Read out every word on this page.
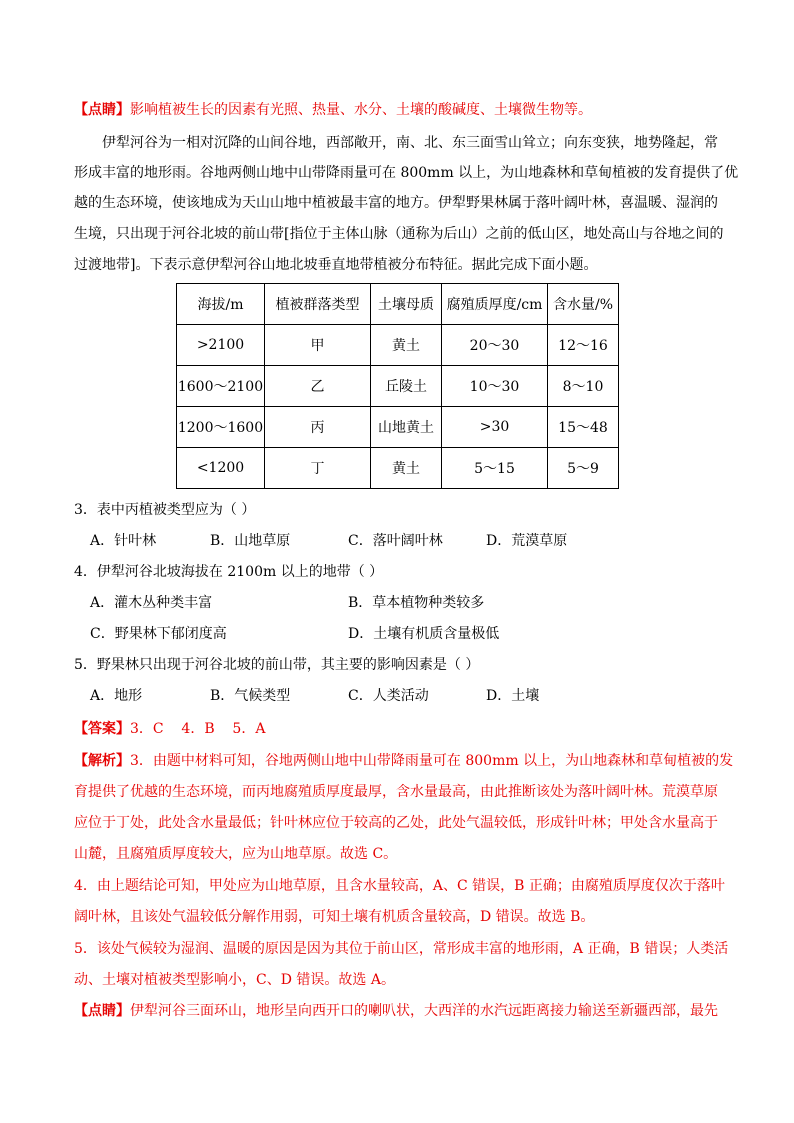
【点睛】影响植被生长的因素有光照、热量、水分、土壤的酸碱度、土壤微生物等。
伊犁河谷为一相对沉降的山间谷地，西部敞开，南、北、东三面雪山耸立；向东变狭，地势隆起，常
形成丰富的地形雨。谷地两侧山地中山带降雨量可在 800mm 以上，为山地森林和草甸植被的发育提供了优
越的生态环境，使该地成为天山山地中植被最丰富的地方。伊犁野果林属于落叶阔叶林，喜温暖、湿润的
生境，只出现于河谷北坡的前山带[指位于主体山脉（通称为后山）之前的低山区，地处高山与谷地之间的
过渡地带]。下表示意伊犁河谷山地北坡垂直地带植被分布特征。据此完成下面小题。
海拔/m	植被群落类型	土壤母质	腐殖质厚度/cm	含水量/%
>2100	甲	黄土	20～30	12～16
1600～2100	乙	丘陵土	10～30	8～10
1200～1600	丙	山地黄土	>30	15～48
<1200	丁	黄土	5～15	5～9
3．表中丙植被类型应为（ ）
A．针叶林	B．山地草原	C．落叶阔叶林	D．荒漠草原
4．伊犁河谷北坡海拔在 2100m 以上的地带（ ）
A．灌木丛种类丰富	B．草本植物种类较多
C．野果林下郁闭度高	D．土壤有机质含量极低
5．野果林只出现于河谷北坡的前山带，其主要的影响因素是（ ）
A．地形	B．气候类型	C．人类活动	D．土壤
【答案】3．C    4．B    5．A
【解析】3．由题中材料可知，谷地两侧山地中山带降雨量可在 800mm 以上，为山地森林和草甸植被的发
育提供了优越的生态环境，而丙地腐殖质厚度最厚，含水量最高，由此推断该处为落叶阔叶林。荒漠草原
应位于丁处，此处含水量最低；针叶林应位于较高的乙处，此处气温较低，形成针叶林；甲处含水量高于
山麓，且腐殖质厚度较大，应为山地草原。故选 C。
4．由上题结论可知，甲处应为山地草原，且含水量较高，A、C 错误，B 正确；由腐殖质厚度仅次于落叶
阔叶林，且该处气温较低分解作用弱，可知土壤有机质含量较高，D 错误。故选 B。
5．该处气候较为湿润、温暖的原因是因为其位于前山区，常形成丰富的地形雨，A 正确，B 错误；人类活
动、土壤对植被类型影响小，C、D 错误。故选 A。
【点睛】伊犁河谷三面环山，地形呈向西开口的喇叭状，大西洋的水汽远距离接力输送至新疆西部，最先
